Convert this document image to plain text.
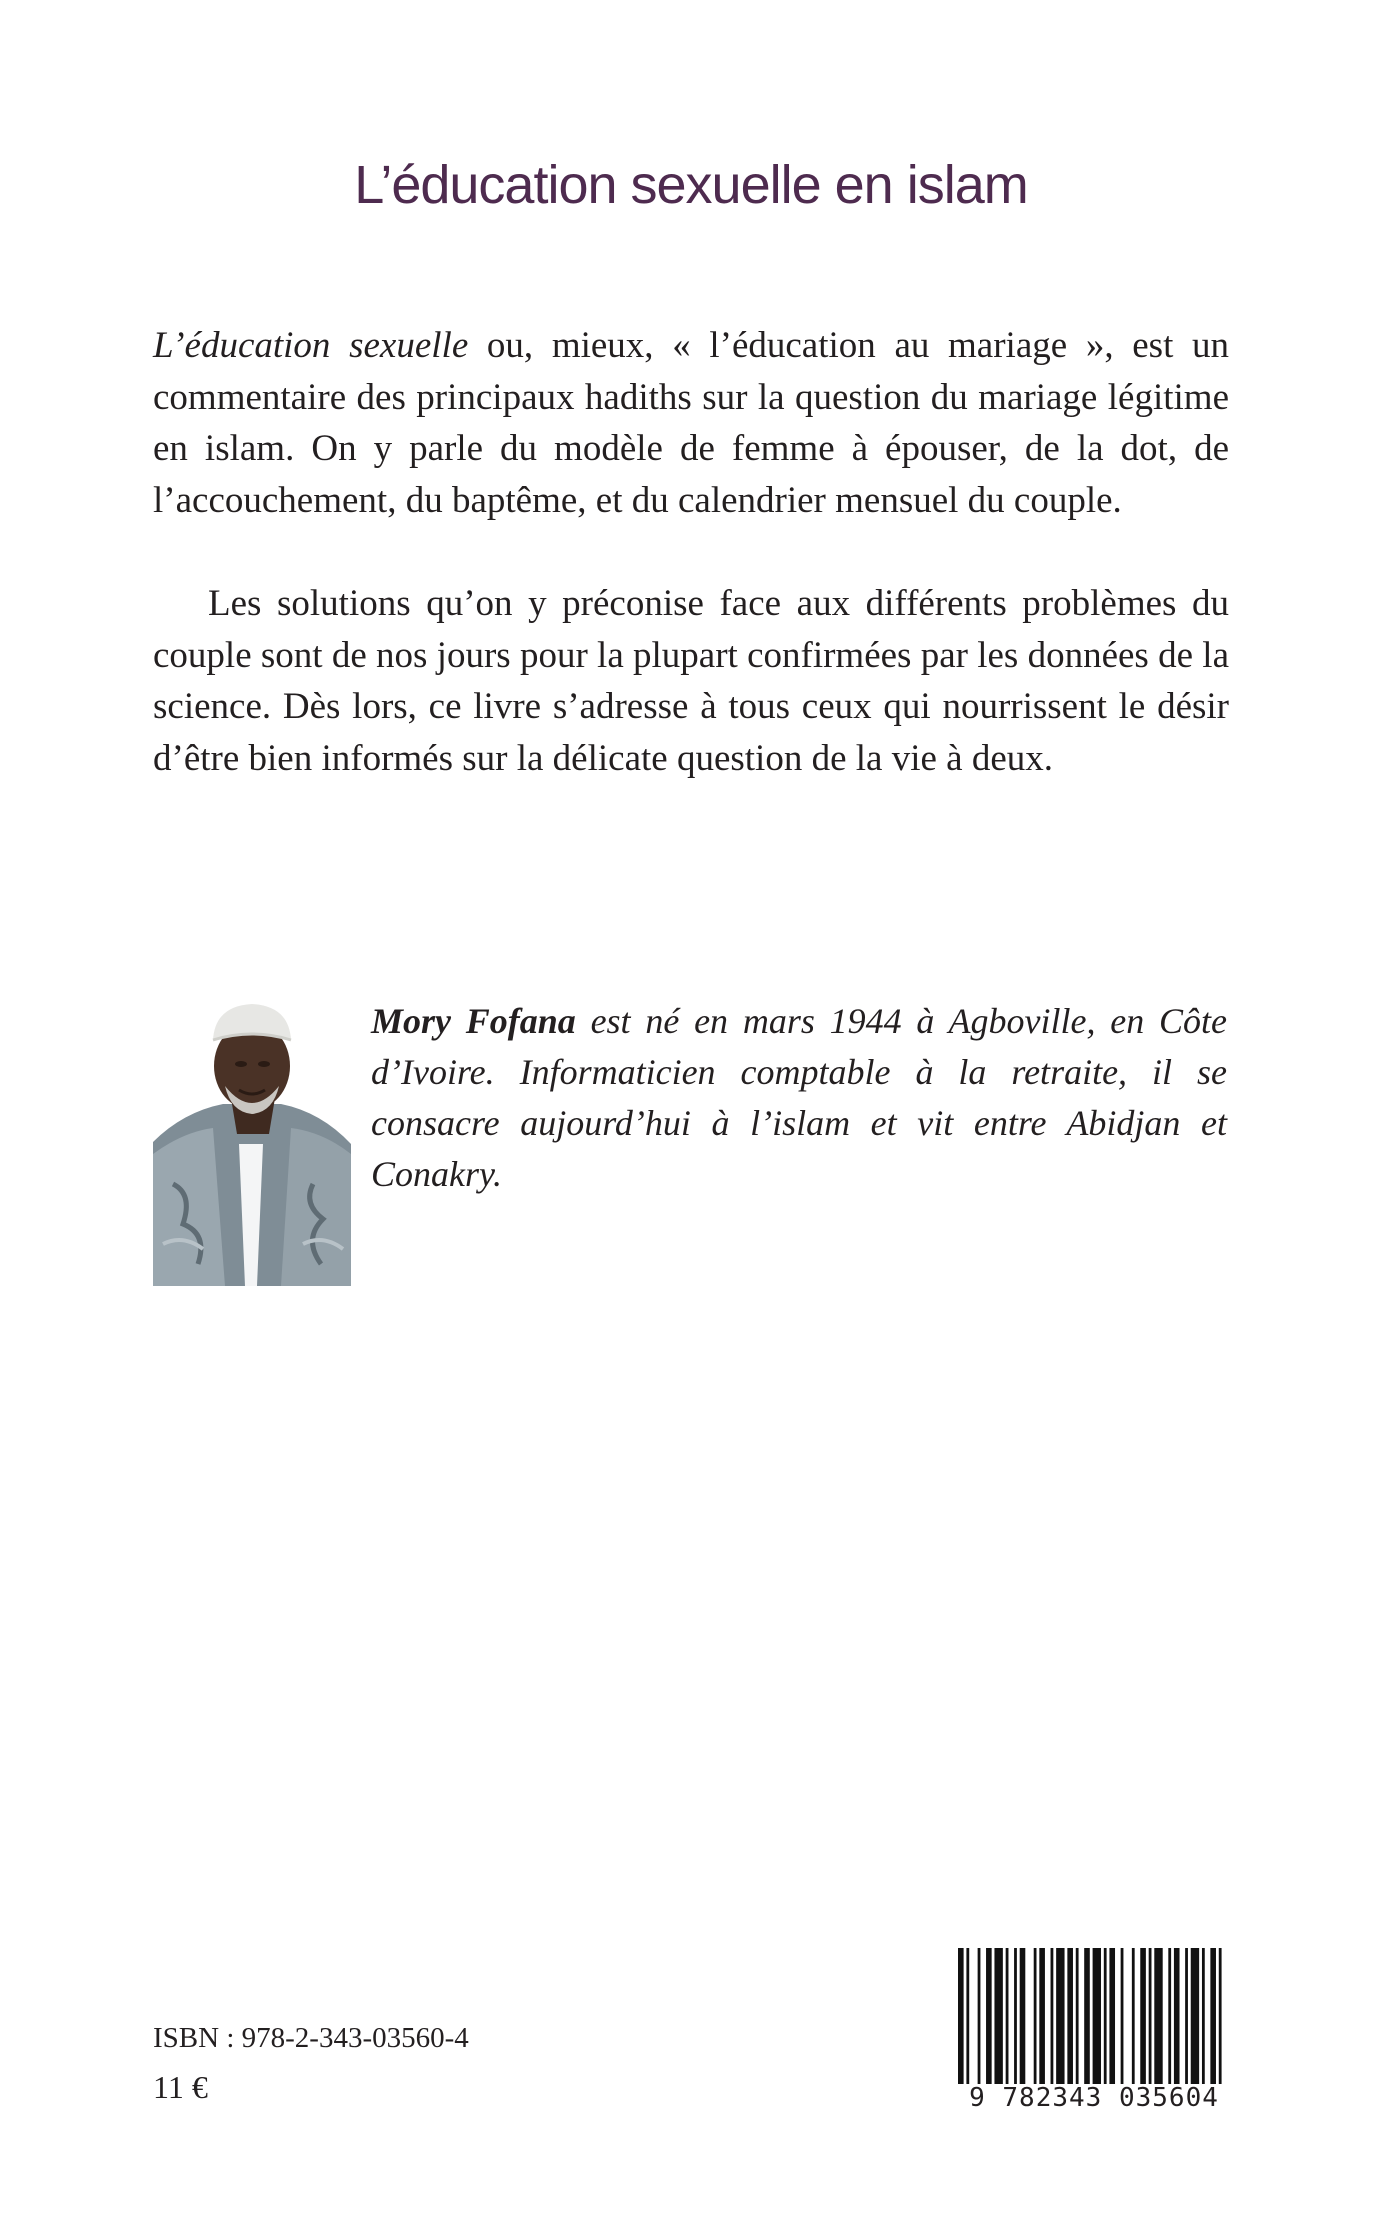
L’éducation sexuelle en islam

L’éducation sexuelle ou, mieux, « l’éducation au mariage », est un commentaire des principaux hadiths sur la question du mariage légitime en islam. On y parle du modèle de femme à épouser, de la dot, de l’accouchement, du baptême, et du calendrier mensuel du couple.

Les solutions qu’on y préconise face aux différents problèmes du couple sont de nos jours pour la plupart confirmées par les données de la science. Dès lors, ce livre s’adresse à tous ceux qui nourrissent le désir d’être bien informés sur la délicate question de la vie à deux.

Mory Fofana est né en mars 1944 à Agboville, en Côte d’Ivoire. Informaticien comptable à la retraite, il se consacre aujourd’hui à l’islam et vit entre Abidjan et Conakry.

ISBN : 978-2-343-03560-4
11 €	9 782343 035604
